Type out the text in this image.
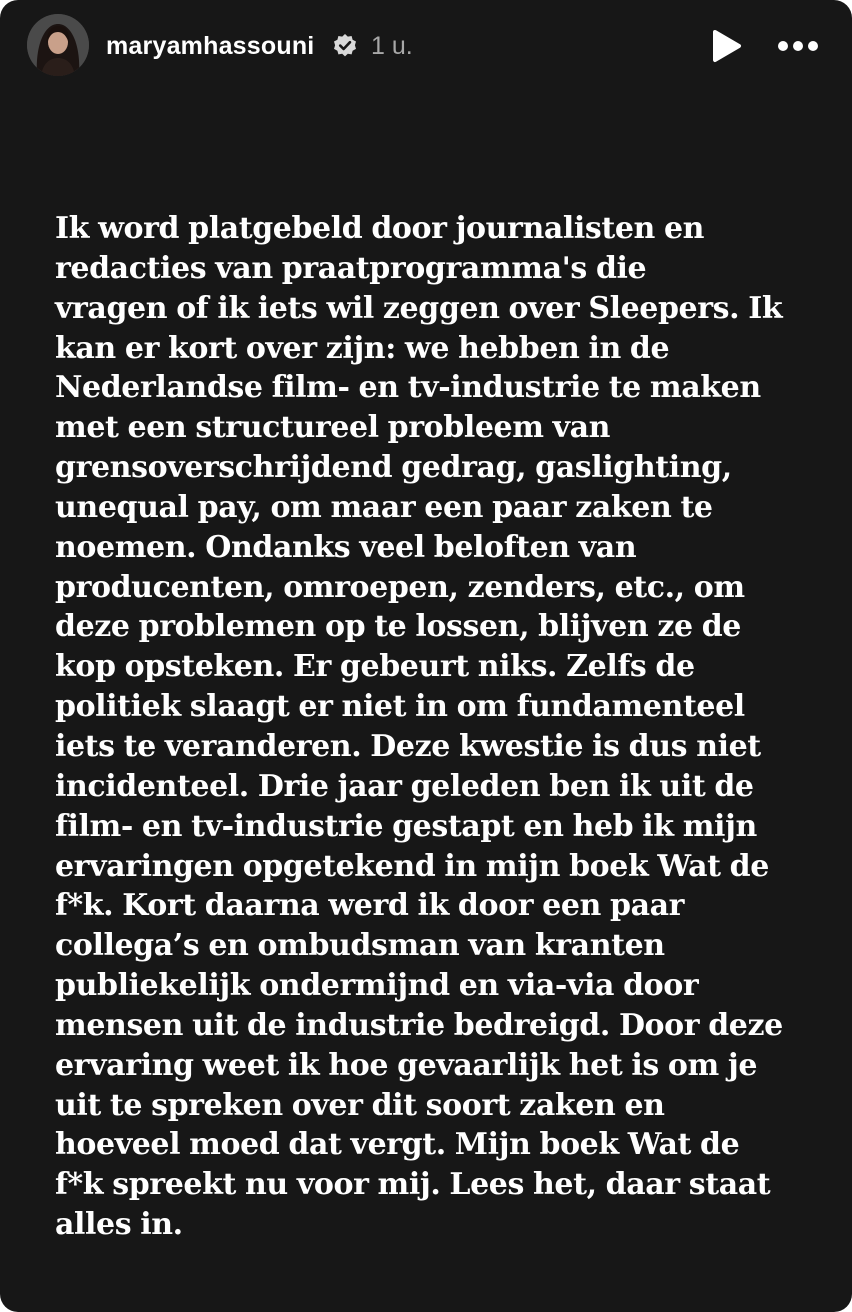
maryamhassouni 1 u.
Ik word platgebeld door journalisten en
redacties van praatprogramma's die
vragen of ik iets wil zeggen over Sleepers. Ik
kan er kort over zijn: we hebben in de
Nederlandse film- en tv-industrie te maken
met een structureel probleem van
grensoverschrijdend gedrag, gaslighting,
unequal pay, om maar een paar zaken te
noemen. Ondanks veel beloften van
producenten, omroepen, zenders, etc., om
deze problemen op te lossen, blijven ze de
kop opsteken. Er gebeurt niks. Zelfs de
politiek slaagt er niet in om fundamenteel
iets te veranderen. Deze kwestie is dus niet
incidenteel. Drie jaar geleden ben ik uit de
film- en tv-industrie gestapt en heb ik mijn
ervaringen opgetekend in mijn boek Wat de
f*k. Kort daarna werd ik door een paar
collega’s en ombudsman van kranten
publiekelijk ondermijnd en via-via door
mensen uit de industrie bedreigd. Door deze
ervaring weet ik hoe gevaarlijk het is om je
uit te spreken over dit soort zaken en
hoeveel moed dat vergt. Mijn boek Wat de
f*k spreekt nu voor mij. Lees het, daar staat
alles in.
